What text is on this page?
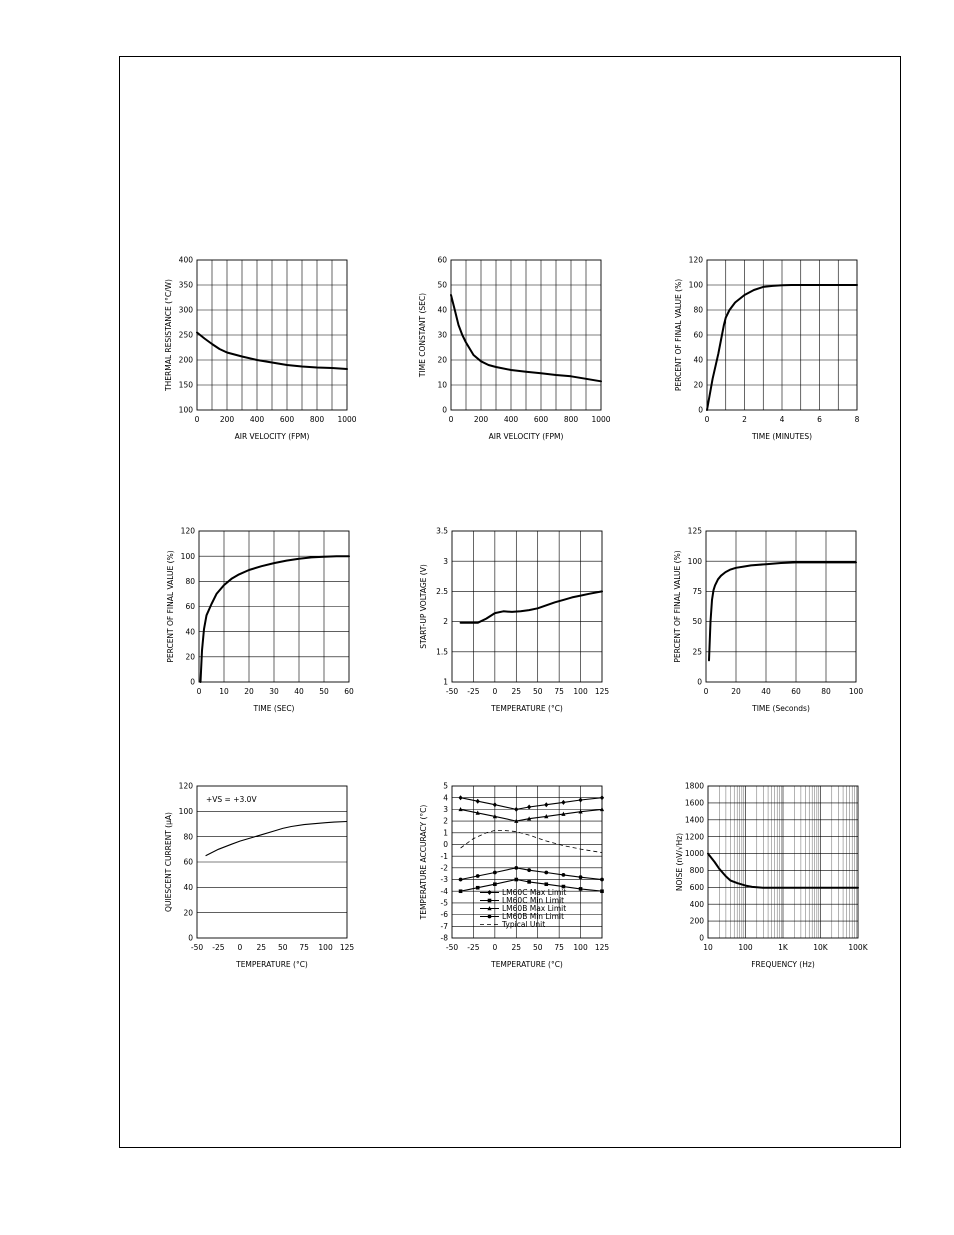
0	200 400 600 800 1000
100
150
200
250
300
350
400
AIR VELOCITY (FPM)
THERMAL RESISTANCE (°C/W)
0	200 400 600 800 1000
0
10
20
30
40
50
60
AIR VELOCITY (FPM)
TIME CONSTANT (SEC)
0	2	4	6	8
0
20
40
60
80
100
120
TIME (MINUTES)
PERCENT OF FINAL VALUE (%)
0 10 20 30 40 50 60
0
20
40
60
80
100
120
TIME (SEC)
PERCENT OF FINAL VALUE (%)
-50 -25 0 25 50 75 100 125
1
1.5
2
2.5
3
3.5
TEMPERATURE (°C)
START-UP VOLTAGE (V)
0	20	40	60	80 100
0
25
50
75
100
125
TIME (Seconds)
PERCENT OF FINAL VALUE (%)
-50 -25 0 25 50 75 100 125
0
20
40
60
80
100
120
TEMPERATURE (°C)
QUIESCENT CURRENT (µA)
+VS = +3.0V
-50 -25 0 25 50 75 100 125
-8
-7
-6
-5
-4
-3
-2
-1
0
1
2
3
4
5
TEMPERATURE (°C)
TEMPERATURE ACCURACY (°C)	LM60C Max Limit
LM60C Min Limit
LM60B Max Limit
LM60B Min Limit
Typical Unit
10	100	1K	10K	100K
0
200
400
600
800
1000
1200
1400
1600
1800
FREQUENCY (Hz)
NOISE (nV/√Hz)
